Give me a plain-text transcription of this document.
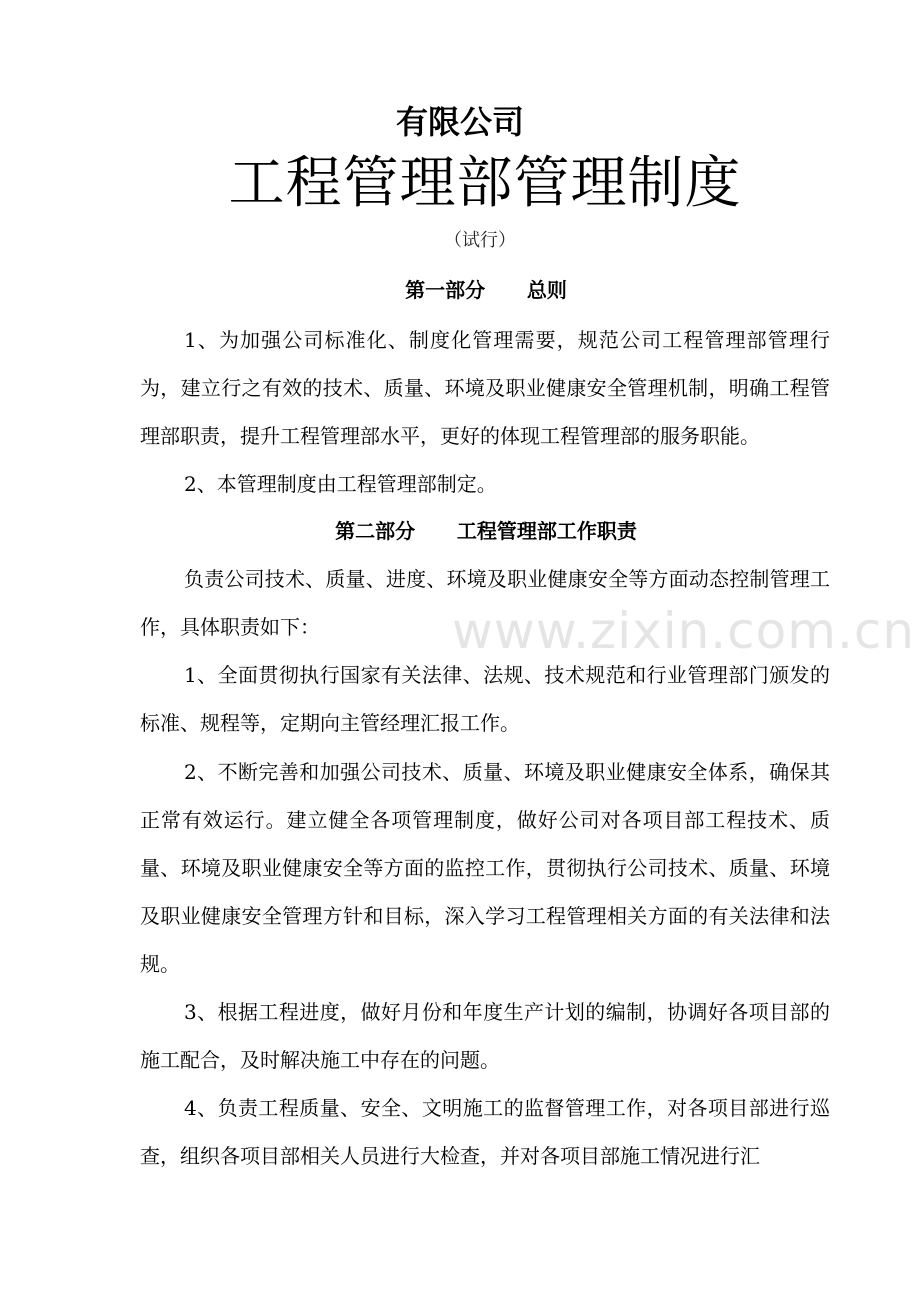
有限公司
工程管理部管理制度
（试行）
第一部分      总则

1、为加强公司标准化、制度化管理需要，规范公司工程管理部管理行为，建立行之有效的技术、质量、环境及职业健康安全管理机制，明确工程管理部职责，提升工程管理部水平，更好的体现工程管理部的服务职能。

2、本管理制度由工程管理部制定。

第二部分      工程管理部工作职责

负责公司技术、质量、进度、环境及职业健康安全等方面动态控制管理工作，具体职责如下：

1、全面贯彻执行国家有关法律、法规、技术规范和行业管理部门颁发的标准、规程等，定期向主管经理汇报工作。

2、不断完善和加强公司技术、质量、环境及职业健康安全体系，确保其正常有效运行。建立健全各项管理制度，做好公司对各项目部工程技术、质量、环境及职业健康安全等方面的监控工作，贯彻执行公司技术、质量、环境及职业健康安全管理方针和目标，深入学习工程管理相关方面的有关法律和法规。

3、根据工程进度，做好月份和年度生产计划的编制，协调好各项目部的施工配合，及时解决施工中存在的问题。

4、负责工程质量、安全、文明施工的监督管理工作，对各项目部进行巡查，组织各项目部相关人员进行大检查，并对各项目部施工情况进行汇

www.zixin.com.cn
